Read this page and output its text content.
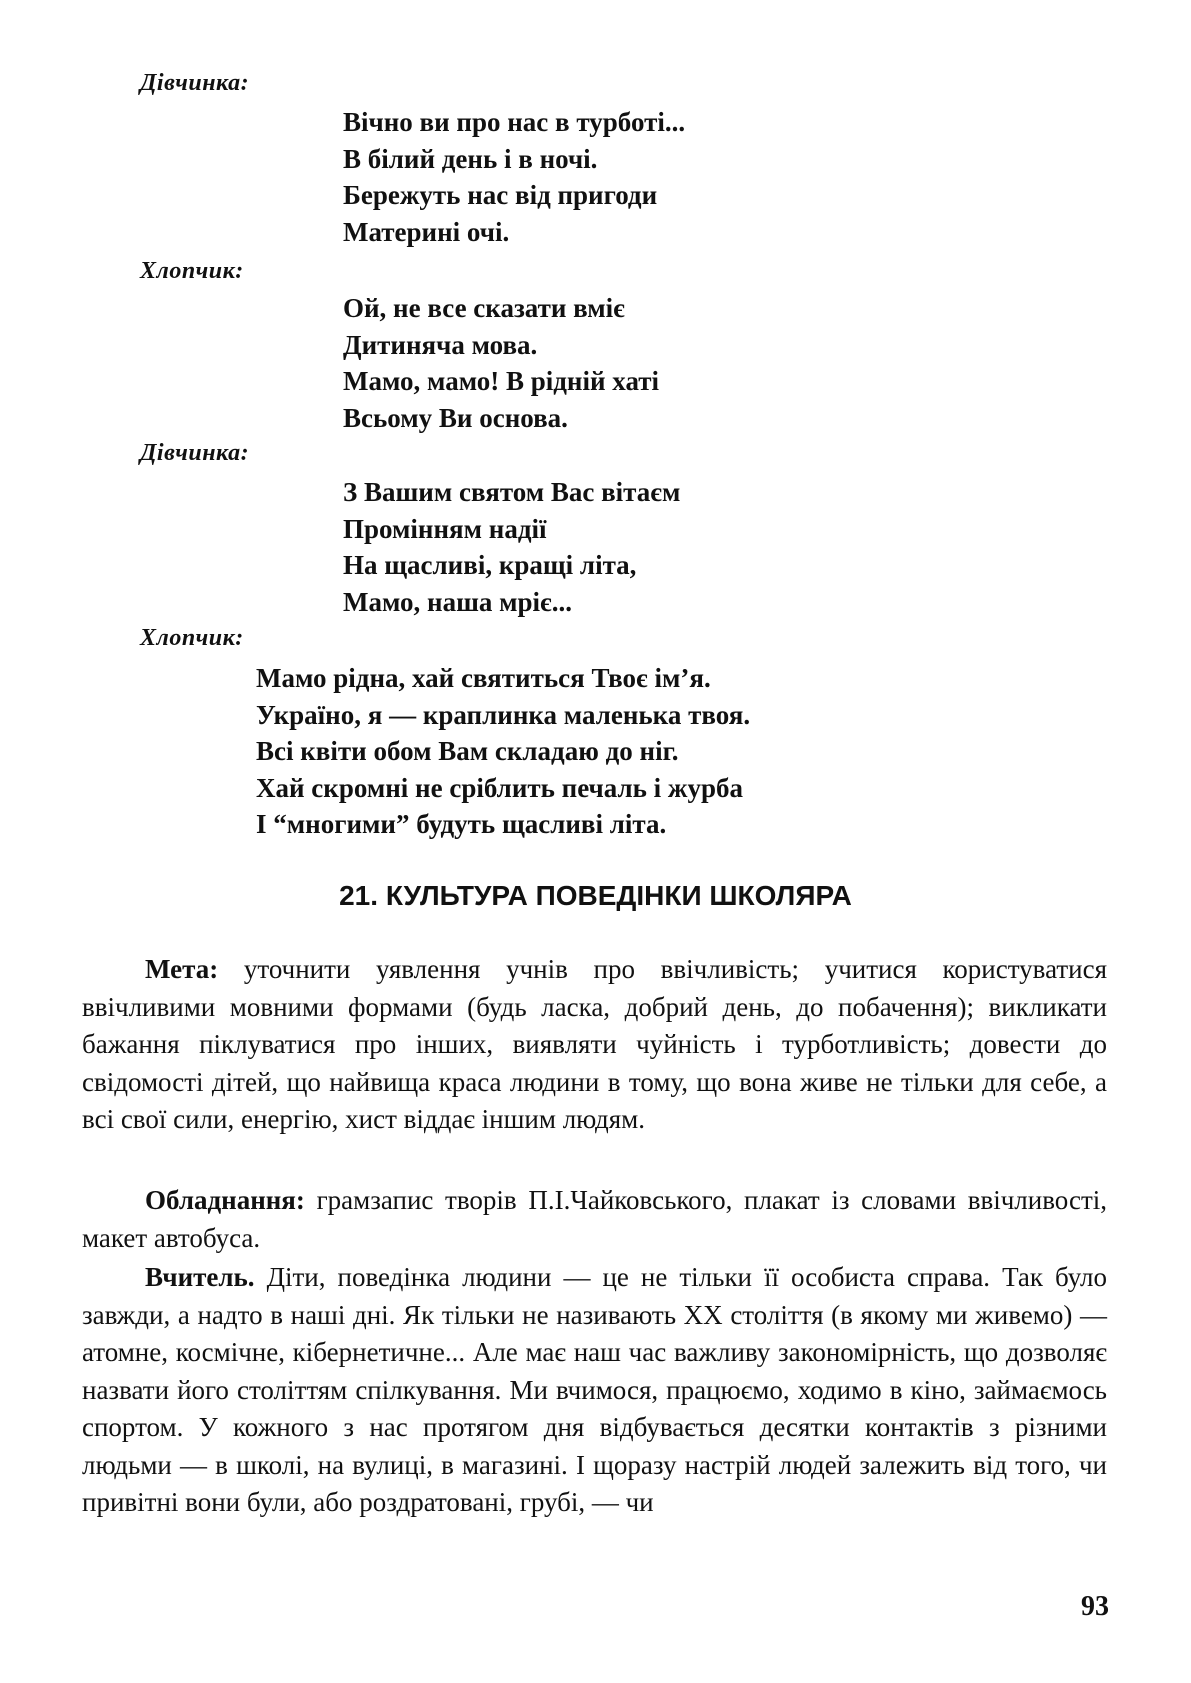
Дівчинка:
Вічно ви про нас в турботі...
В білий день і в ночі.
Бережуть нас від пригоди
Материні очі.
Хлопчик:
Ой, не все сказати вміє
Дитиняча мова.
Мамо, мамо! В рідній хаті
Всьому Ви основа.
Дівчинка:
З Вашим святом Вас вітаєм
Промінням надії
На щасливі, кращі літа,
Мамо, наша мріє...
Хлопчик:
Мамо рідна, хай святиться Твоє ім’я.
Україно, я — краплинка маленька твоя.
Всі квіти обом Вам складаю до ніг.
Хай скромні не сріблить печаль і журба
І “многими” будуть щасливі літа.
21. КУЛЬТУРА ПОВЕДІНКИ ШКОЛЯРА
Мета: уточнити уявлення учнів про ввічливість; учитися користуватися ввічливими мовними формами (будь ласка, добрий день, до побачення); викликати бажання піклуватися про інших, виявляти чуйність і турботливість; довести до свідомості дітей, що найвища краса людини в тому, що вона живе не тільки для себе, а всі свої сили, енергію, хист віддає іншим людям.
Обладнання: грамзапис творів П.І.Чайковського, плакат із словами ввічливості, макет автобуса.
Вчитель. Діти, поведінка людини — це не тільки її особиста справа. Так було завжди, а надто в наші дні. Як тільки не називають XX століття (в якому ми живемо) — атомне, космічне, кібернетичне... Але має наш час важливу закономірність, що дозволяє назвати його століттям спілкування. Ми вчимося, працюємо, ходимо в кіно, займаємось спортом. У кожного з нас протягом дня відбувається десятки контактів з різними людьми — в школі, на вулиці, в магазині. І щоразу настрій людей залежить від того, чи привітні вони були, або роздратовані, грубі, — чи
93
